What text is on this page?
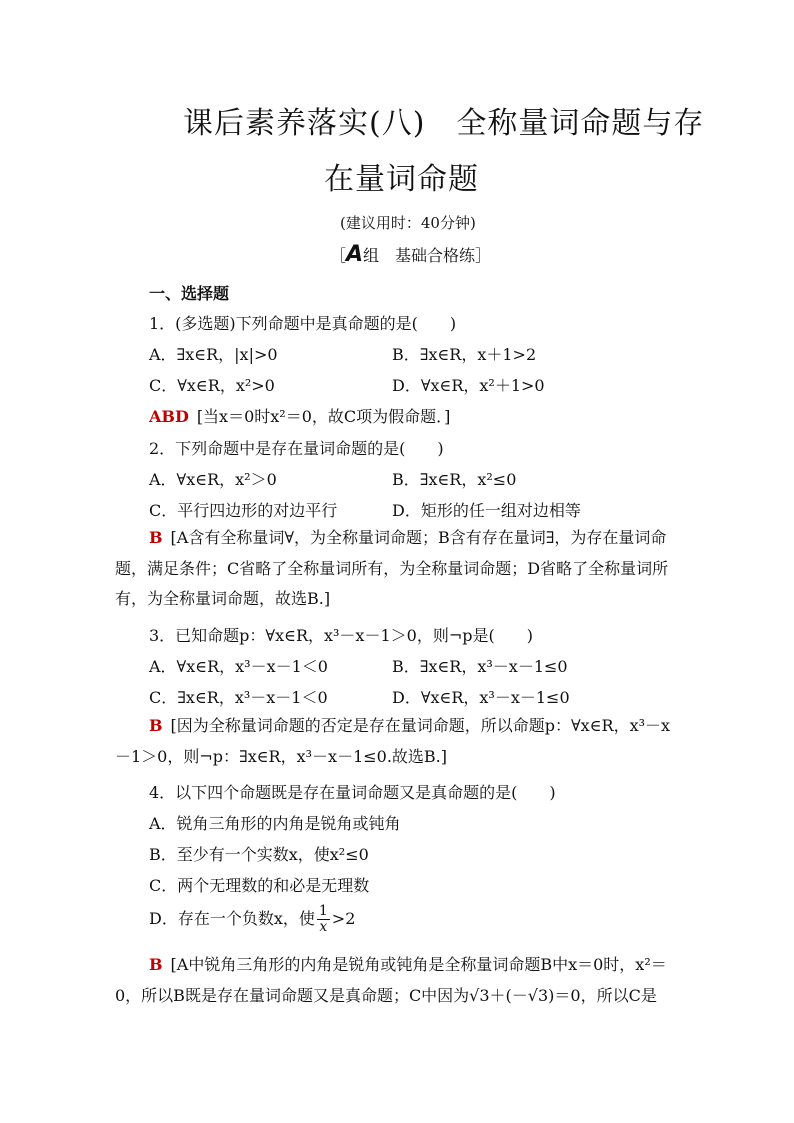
课后素养落实(八)　全称量词命题与存
在量词命题
(建议用时：40分钟)
［A组　基础合格练］
一、选择题
1．(多选题)下列命题中是真命题的是(　　)
A．∃x∈R，|x|>0	B．∃x∈R，x＋1>2
C．∀x∈R，x²>0	D．∀x∈R，x²＋1>0
ABD [当x＝0时x²＝0，故C项为假命题．]
2．下列命题中是存在量词命题的是(　　)
A．∀x∈R，x²＞0	B．∃x∈R，x²≤0
C．平行四边形的对边平行	D．矩形的任一组对边相等
B [A含有全称量词∀，为全称量词命题；B含有存在量词∃，为存在量词命题，满足条件；C省略了全称量词所有，为全称量词命题；D省略了全称量词所有，为全称量词命题，故选B.]
3．已知命题p：∀x∈R，x³－x－1＞0，则¬p是(　　)
A．∀x∈R，x³－x－1＜0	B．∃x∈R，x³－x－1≤0
C．∃x∈R，x³－x－1＜0	D．∀x∈R，x³－x－1≤0
B [因为全称量词命题的否定是存在量词命题，所以命题p：∀x∈R，x³－x－1＞0，则¬p：∃x∈R，x³－x－1≤0.故选B.]
4．以下四个命题既是存在量词命题又是真命题的是(　　)
A．锐角三角形的内角是锐角或钝角
B．至少有一个实数x，使x²≤0
C．两个无理数的和必是无理数
D．存在一个负数x，使 $\frac{1}{x} >2$
B [A中锐角三角形的内角是锐角或钝角是全称量词命题B中x＝0时，x²＝0，所以B既是存在量词命题又是真命题；C中因为√3＋(－√3)＝0，所以C是
